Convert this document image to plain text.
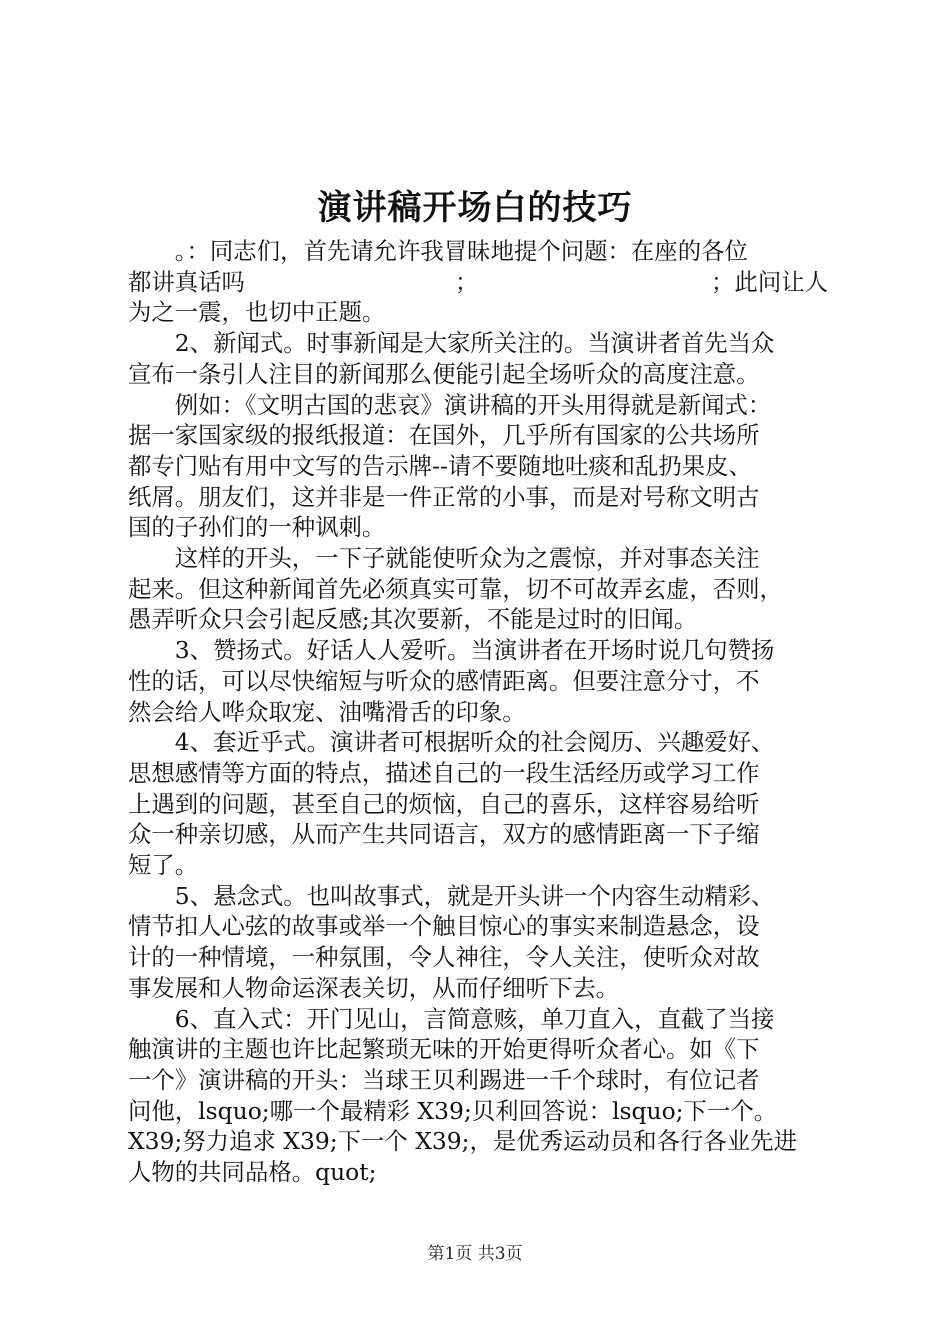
演讲稿开场白的技巧
。：同志们，首先请允许我冒昧地提个问题：在座的各位
都讲真话吗	；	；此问让人
为之一震，也切中正题。
2、新闻式。时事新闻是大家所关注的。当演讲者首先当众
宣布一条引人注目的新闻那么便能引起全场听众的高度注意。
例如：《文明古国的悲哀》演讲稿的开头用得就是新闻式：
据一家国家级的报纸报道：在国外，几乎所有国家的公共场所
都专门贴有用中文写的告示牌--请不要随地吐痰和乱扔果皮、
纸屑。朋友们，这并非是一件正常的小事，而是对号称文明古
国的子孙们的一种讽刺。
这样的开头，一下子就能使听众为之震惊，并对事态关注
起来。但这种新闻首先必须真实可靠，切不可故弄玄虚，否则，
愚弄听众只会引起反感;其次要新，不能是过时的旧闻。
3、赞扬式。好话人人爱听。当演讲者在开场时说几句赞扬
性的话，可以尽快缩短与听众的感情距离。但要注意分寸，不
然会给人哗众取宠、油嘴滑舌的印象。
4、套近乎式。演讲者可根据听众的社会阅历、兴趣爱好、
思想感情等方面的特点，描述自己的一段生活经历或学习工作
上遇到的问题，甚至自己的烦恼，自己的喜乐，这样容易给听
众一种亲切感，从而产生共同语言，双方的感情距离一下子缩
短了。
5、悬念式。也叫故事式，就是开头讲一个内容生动精彩、
情节扣人心弦的故事或举一个触目惊心的事实来制造悬念，设
计的一种情境，一种氛围，令人神往，令人关注，使听众对故
事发展和人物命运深表关切，从而仔细听下去。
6、直入式：开门见山，言简意赅，单刀直入，直截了当接
触演讲的主题也许比起繁琐无味的开始更得听众者心。如《下
一个》演讲稿的开头：当球王贝利踢进一千个球时，有位记者
问他，lsquo;哪一个最精彩 X39;贝利回答说：lsquo;下一个。
X39;努力追求 X39;下一个 X39;，是优秀运动员和各行各业先进
人物的共同品格。quot;
第1页 共3页
